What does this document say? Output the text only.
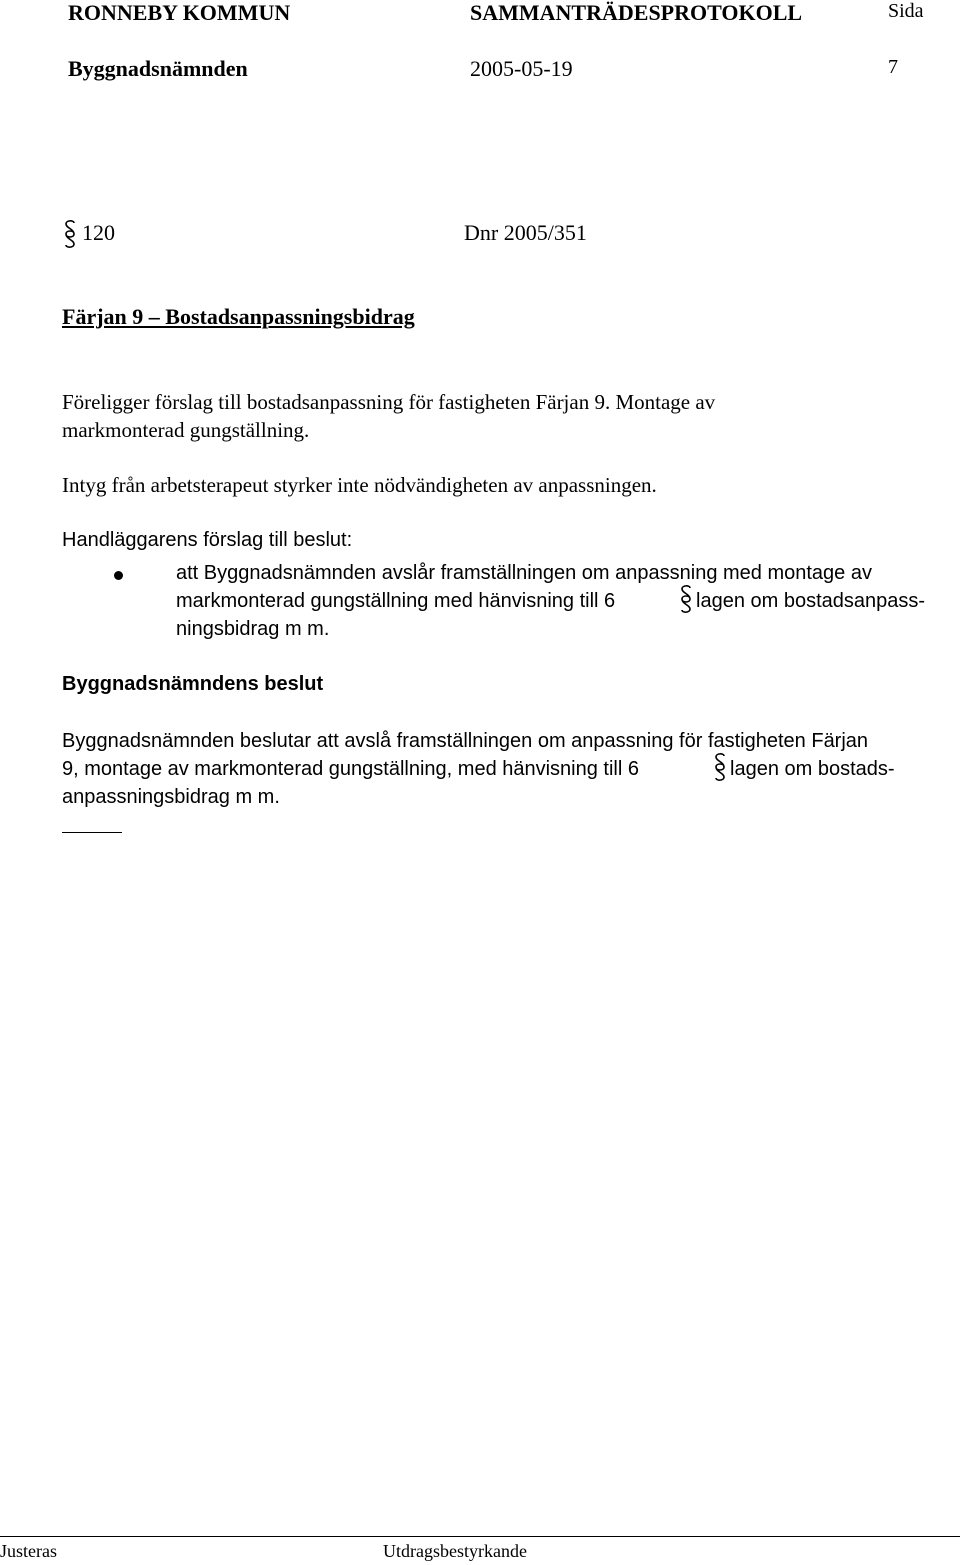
RONNEBY KOMMUN	SAMMANTRÄDESPROTOKOLL	Sida
Byggnadsnämnden	2005-05-19	7
120	Dnr 2005/351
Färjan 9 – Bostadsanpassningsbidrag
Föreligger förslag till bostadsanpassning för fastigheten Färjan 9. Montage av
markmonterad gungställning.
Intyg från arbetsterapeut styrker inte nödvändigheten av anpassningen.
Handläggarens förslag till beslut:
att Byggnadsnämnden avslår framställningen om anpassning med montage av
markmonterad gungställning med hänvisning till 6	lagen om bostadsanpass-
ningsbidrag m m.
Byggnadsnämndens beslut
Byggnadsnämnden beslutar att avslå framställningen om anpassning för fastigheten Färjan
9, montage av markmonterad gungställning, med hänvisning till 6	lagen om bostads-
anpassningsbidrag m m.
Justeras	Utdragsbestyrkande
